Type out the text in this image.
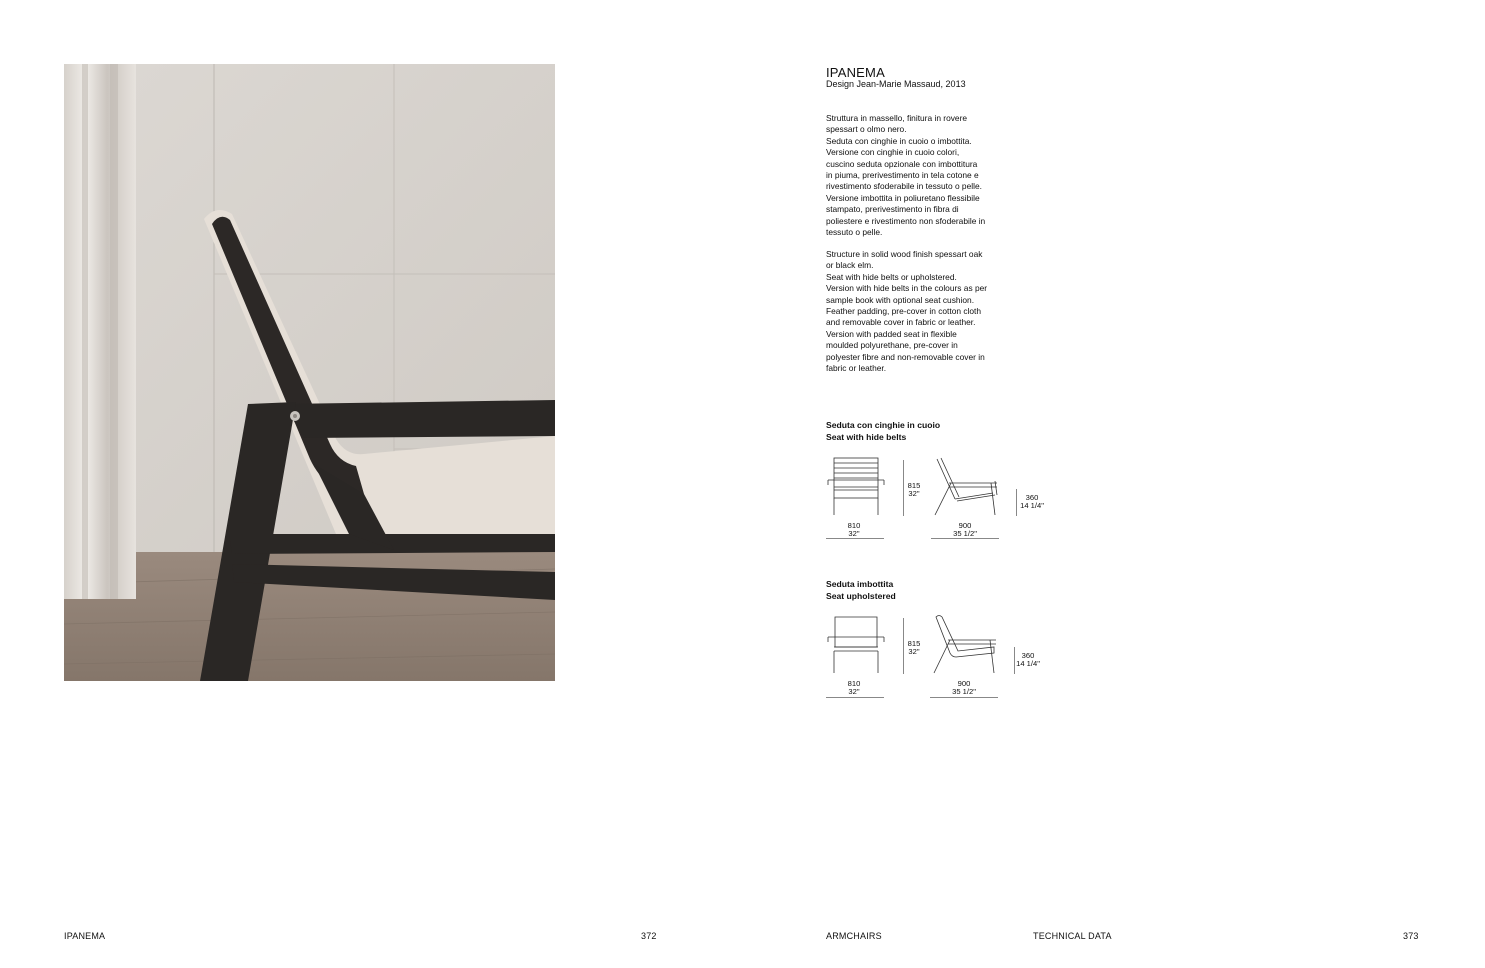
IPANEMA
Design Jean-Marie Massaud, 2013
Struttura in massello, finitura in rovere
spessart o olmo nero.
Seduta con cinghie in cuoio o imbottita.
Versione con cinghie in cuoio colori,
cuscino seduta opzionale con imbottitura
in piuma, prerivestimento in tela cotone e
rivestimento sfoderabile in tessuto o pelle.
Versione imbottita in poliuretano flessibile
stampato, prerivestimento in fibra di
poliestere e rivestimento non sfoderabile in
tessuto o pelle.
Structure in solid wood finish spessart oak
or black elm.
Seat with hide belts or upholstered.
Version with hide belts in the colours as per
sample book with optional seat cushion.
Feather padding, pre-cover in cotton cloth
and removable cover in fabric or leather.
Version with padded seat in flexible
moulded polyurethane, pre-cover in
polyester fibre and non-removable cover in
fabric or leather.
Seduta con cinghie in cuoio
Seat with hide belts
815
32"	360
14 1/4"
810
32"
900
35 1/2"
Seduta imbottita
Seat upholstered
815
32"	360
14 1/4"
810
32"
900
35 1/2"
IPANEMA	372	ARMCHAIRS	TECHNICAL DATA	373
